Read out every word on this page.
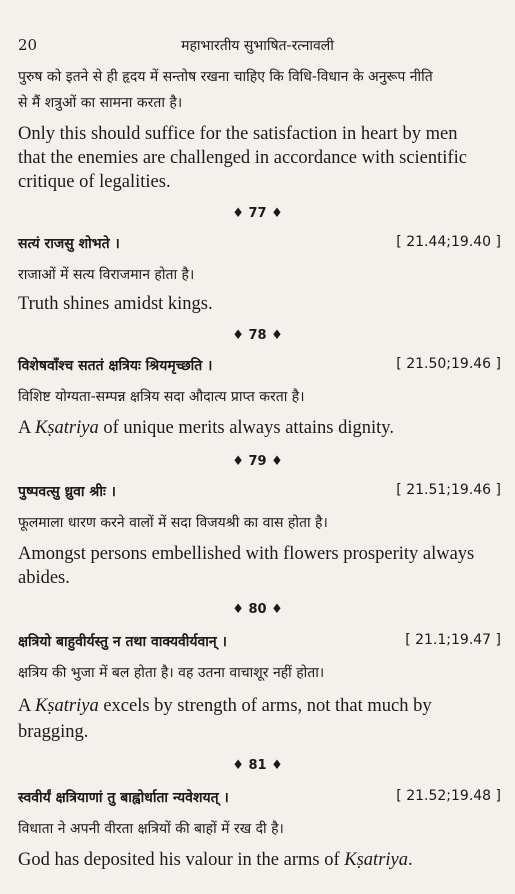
20	महाभारतीय सुभाषित-रत्नावली
पुरुष को इतने से ही हृदय में सन्तोष रखना चाहिए कि विधि-विधान के अनुरूप नीति
से मैं शत्रुओं का सामना करता है।
Only this should suffice for the satisfaction in heart by men
that the enemies are challenged in accordance with scientific
critique of legalities.
♦ 77 ♦
सत्यं राजसु शोभते ।	[ 21.44;19.40 ]
राजाओं में सत्य विराजमान होता है।
Truth shines amidst kings.
♦ 78 ♦
विशेषवाँश्च सततं क्षत्रियः श्रियमृच्छति ।	[ 21.50;19.46 ]
विशिष्ट योग्यता-सम्पन्न क्षत्रिय सदा औदात्य प्राप्त करता है।
A Kṣatriya of unique merits always attains dignity.
♦ 79 ♦
पुष्पवत्सु ध्रुवा श्रीः ।	[ 21.51;19.46 ]
फूलमाला धारण करने वालों में सदा विजयश्री का वास होता है।
Amongst persons embellished with flowers prosperity always
abides.
♦ 80 ♦
क्षत्रियो बाहुवीर्यस्तु न तथा वाक्यवीर्यवान् ।	[ 21.1;19.47 ]
क्षत्रिय की भुजा में बल होता है। वह उतना वाचाशूर नहीं होता।
A Kṣatriya excels by strength of arms, not that much by
bragging.
♦ 81 ♦
स्ववीर्यं क्षत्रियाणां तु बाह्वोर्धाता न्यवेशयत् ।	[ 21.52;19.48 ]
विधाता ने अपनी वीरता क्षत्रियों की बाहों में रख दी है।
God has deposited his valour in the arms of Kṣatriya.
